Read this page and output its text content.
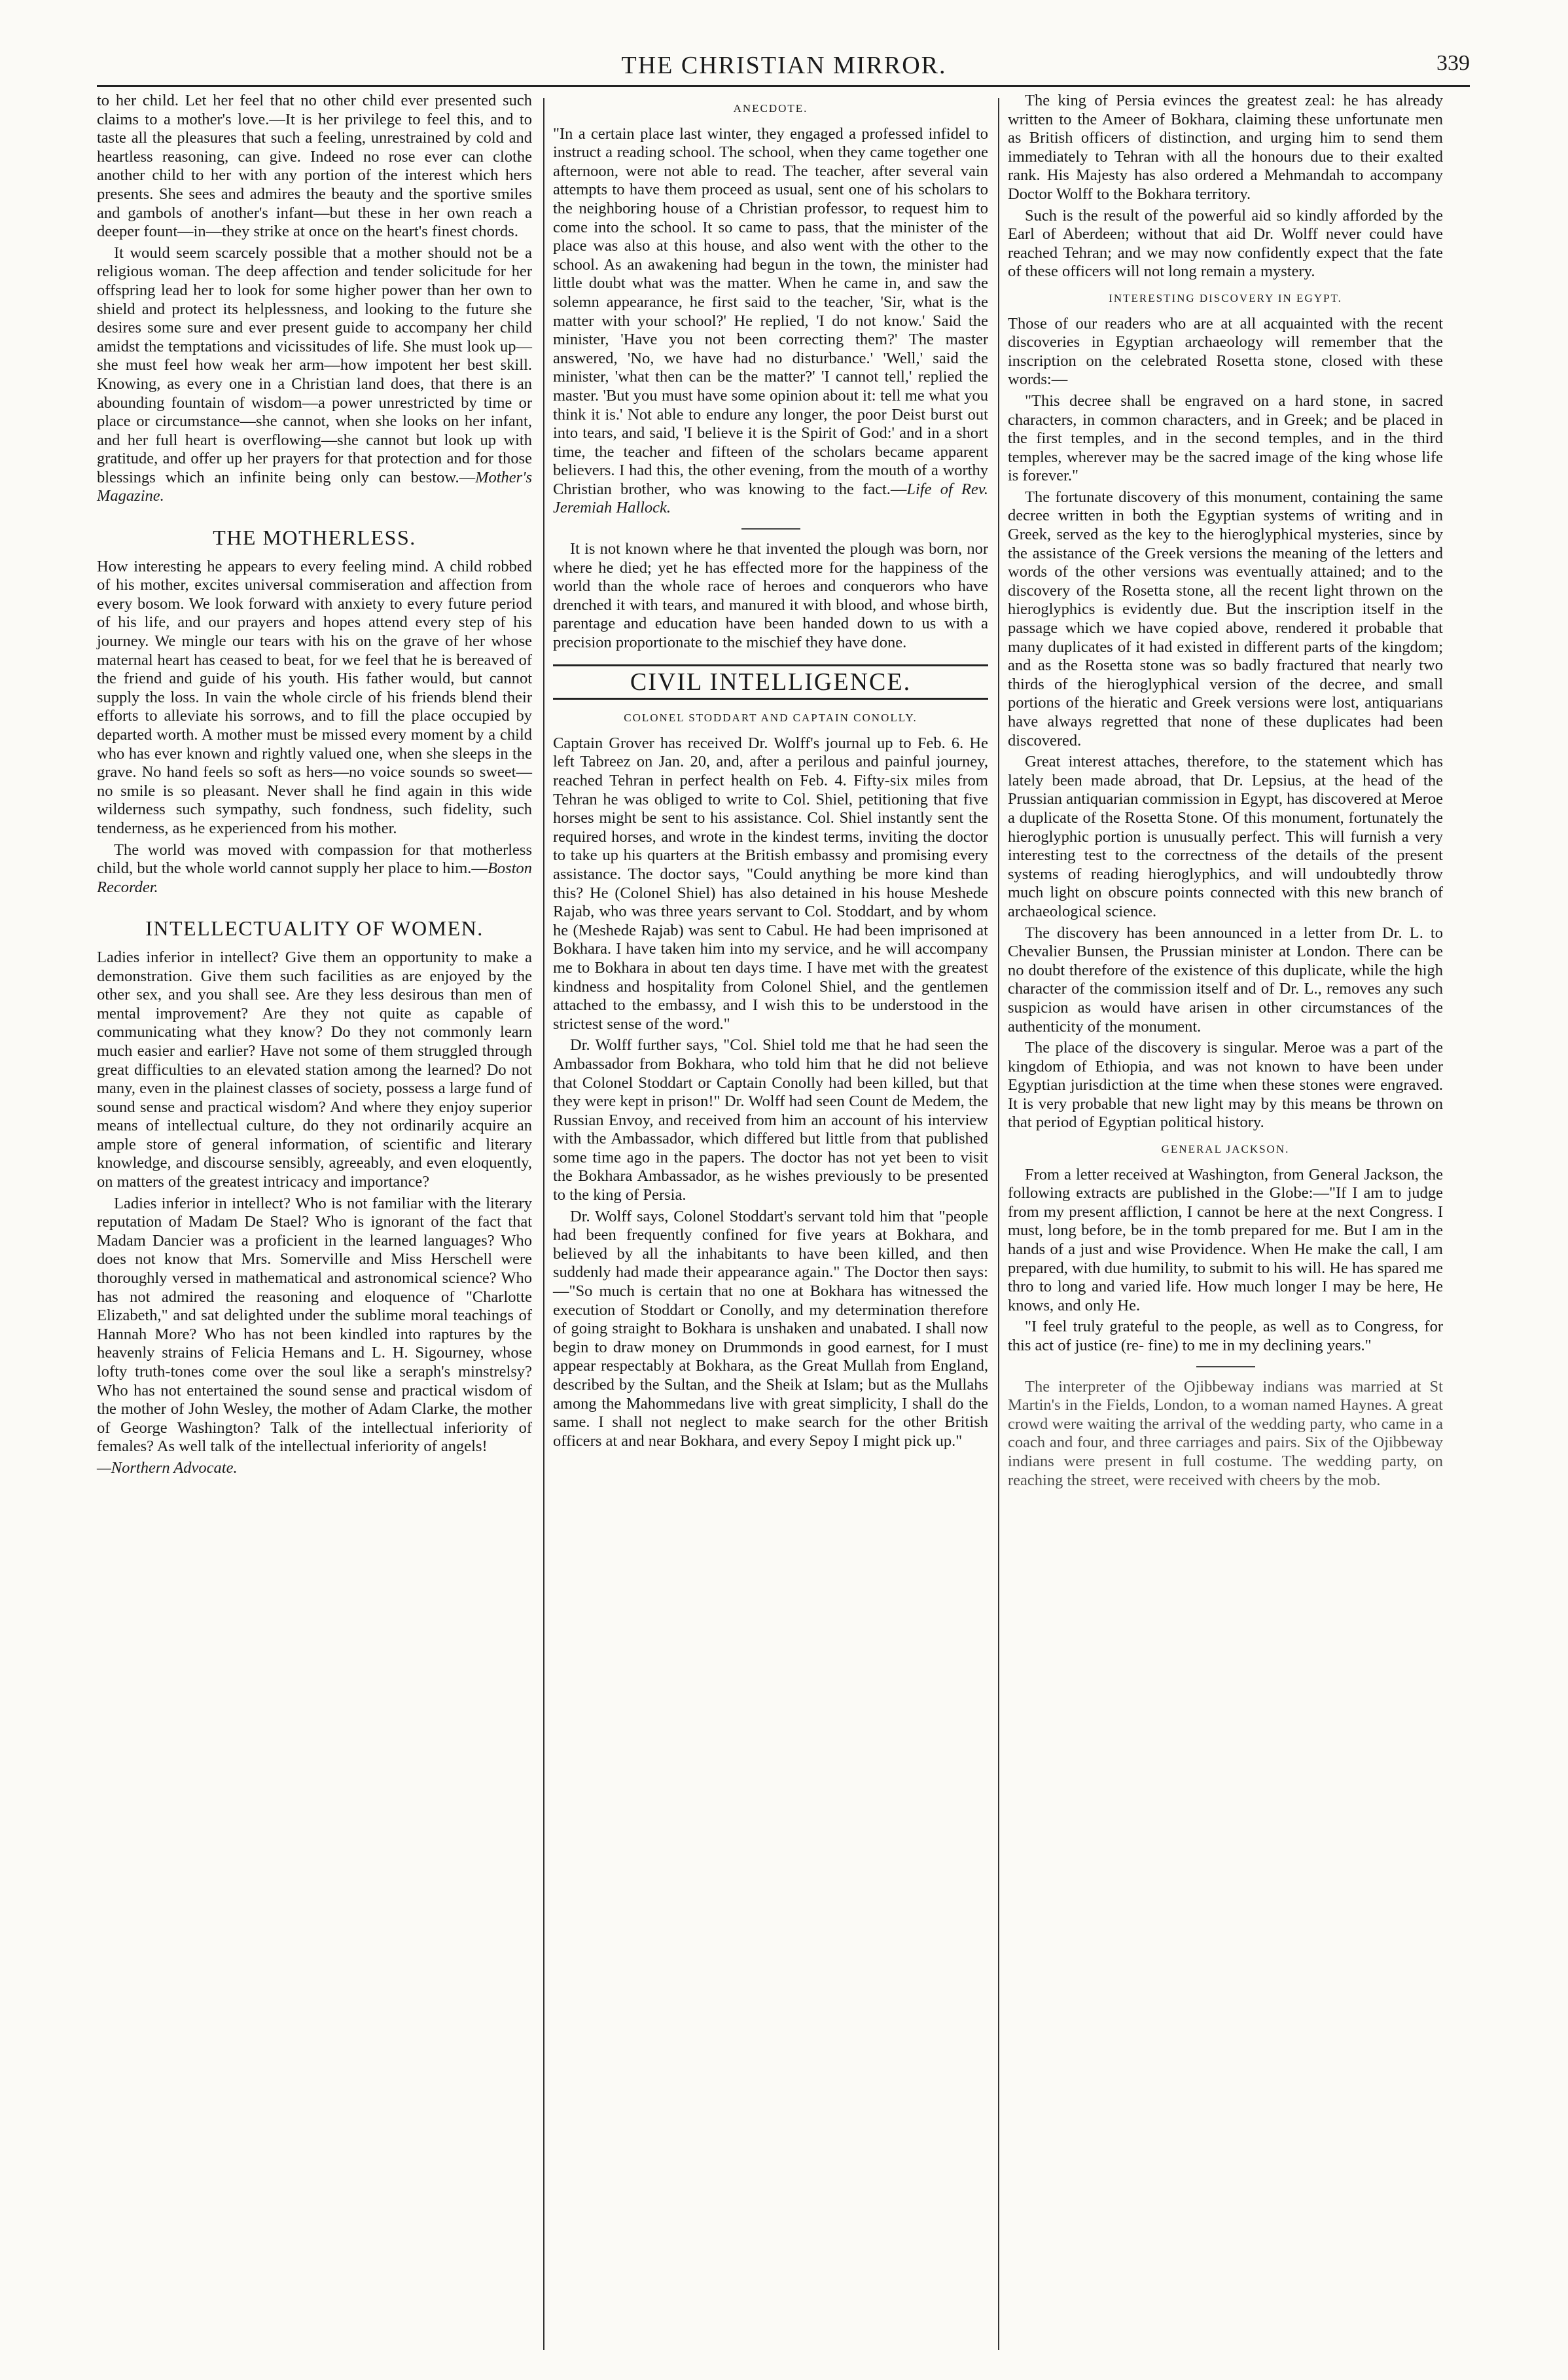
THE CHRISTIAN MIRROR.	339

to her child. Let her feel that no other child ever presented such claims to a mother's love.—It is her privilege to feel this, and to taste all the pleasures that such a feeling, unrestrained by cold and heartless reasoning, can give. Indeed no rose ever can clothe another child to her with any portion of the interest which hers presents. She sees and admires the beauty and the sportive smiles and gambols of another's infant—but these in her own reach a deeper fount—in—they strike at once on the heart's finest chords.

It would seem scarcely possible that a mother should not be a religious woman. The deep affection and tender solicitude for her offspring lead her to look for some higher power than her own to shield and protect its helplessness, and looking to the future she desires some sure and ever present guide to accompany her child amidst the temptations and vicissitudes of life. She must look up—she must feel how weak her arm—how impotent her best skill. Knowing, as every one in a Christian land does, that there is an abounding fountain of wisdom—a power unrestricted by time or place or circumstance—she cannot, when she looks on her infant, and her full heart is overflowing—she cannot but look up with gratitude, and offer up her prayers for that protection and for those blessings which an infinite being only can bestow.—Mother's Magazine.

THE MOTHERLESS.

How interesting he appears to every feeling mind. A child robbed of his mother, excites universal commiseration and affection from every bosom. We look forward with anxiety to every future period of his life, and our prayers and hopes attend every step of his journey. We mingle our tears with his on the grave of her whose maternal heart has ceased to beat, for we feel that he is bereaved of the friend and guide of his youth. His father would, but cannot supply the loss. In vain the whole circle of his friends blend their efforts to alleviate his sorrows, and to fill the place occupied by departed worth. A mother must be missed every moment by a child who has ever known and rightly valued one, when she sleeps in the grave. No hand feels so soft as hers—no voice sounds so sweet—no smile is so pleasant. Never shall he find again in this wide wilderness such sympathy, such fondness, such fidelity, such tenderness, as he experienced from his mother.

The world was moved with compassion for that motherless child, but the whole world cannot supply her place to him.—Boston Recorder.

INTELLECTUALITY OF WOMEN.

Ladies inferior in intellect? Give them an opportunity to make a demonstration. Give them such facilities as are enjoyed by the other sex, and you shall see. Are they less desirous than men of mental improvement? Are they not quite as capable of communicating what they know? Do they not commonly learn much easier and earlier? Have not some of them struggled through great difficulties to an elevated station among the learned? Do not many, even in the plainest classes of society, possess a large fund of sound sense and practical wisdom? And where they enjoy superior means of intellectual culture, do they not ordinarily acquire an ample store of general information, of scientific and literary knowledge, and discourse sensibly, agreeably, and even eloquently, on matters of the greatest intricacy and importance?

Ladies inferior in intellect? Who is not familiar with the literary reputation of Madam De Stael? Who is ignorant of the fact that Madam Dancier was a proficient in the learned languages? Who does not know that Mrs. Somerville and Miss Herschell were thoroughly versed in mathematical and astronomical science? Who has not admired the reasoning and eloquence of "Charlotte Elizabeth," and sat delighted under the sublime moral teachings of Hannah More? Who has not been kindled into raptures by the heavenly strains of Felicia Hemans and L. H. Sigourney, whose lofty truth-tones come over the soul like a seraph's minstrelsy? Who has not entertained the sound sense and practical wisdom of the mother of John Wesley, the mother of Adam Clarke, the mother of George Washington? Talk of the intellectual inferiority of females? As well talk of the intellectual inferiority of angels!

—Northern Advocate.

ANECDOTE.

"In a certain place last winter, they engaged a professed infidel to instruct a reading school. The school, when they came together one afternoon, were not able to read. The teacher, after several vain attempts to have them proceed as usual, sent one of his scholars to the neighboring house of a Christian professor, to request him to come into the school. It so came to pass, that the minister of the place was also at this house, and also went with the other to the school. As an awakening had begun in the town, the minister had little doubt what was the matter. When he came in, and saw the solemn appearance, he first said to the teacher, 'Sir, what is the matter with your school?' He replied, 'I do not know.' Said the minister, 'Have you not been correcting them?' The master answered, 'No, we have had no disturbance.' 'Well,' said the minister, 'what then can be the matter?' 'I cannot tell,' replied the master. 'But you must have some opinion about it: tell me what you think it is.' Not able to endure any longer, the poor Deist burst out into tears, and said, 'I believe it is the Spirit of God:' and in a short time, the teacher and fifteen of the scholars became apparent believers. I had this, the other evening, from the mouth of a worthy Christian brother, who was knowing to the fact.—Life of Rev. Jeremiah Hallock.

It is not known where he that invented the plough was born, nor where he died; yet he has effected more for the happiness of the world than the whole race of heroes and conquerors who have drenched it with tears, and manured it with blood, and whose birth, parentage and education have been handed down to us with a precision proportionate to the mischief they have done.

CIVIL INTELLIGENCE.
COLONEL STODDART AND CAPTAIN CONOLLY.

Captain Grover has received Dr. Wolff's journal up to Feb. 6. He left Tabreez on Jan. 20, and, after a perilous and painful journey, reached Tehran in perfect health on Feb. 4. Fifty-six miles from Tehran he was obliged to write to Col. Shiel, petitioning that five horses might be sent to his assistance. Col. Shiel instantly sent the required horses, and wrote in the kindest terms, inviting the doctor to take up his quarters at the British embassy and promising every assistance. The doctor says, "Could anything be more kind than this? He (Colonel Shiel) has also detained in his house Meshede Rajab, who was three years servant to Col. Stoddart, and by whom he (Meshede Rajab) was sent to Cabul. He had been imprisoned at Bokhara. I have taken him into my service, and he will accompany me to Bokhara in about ten days time. I have met with the greatest kindness and hospitality from Colonel Shiel, and the gentlemen attached to the embassy, and I wish this to be understood in the strictest sense of the word."

Dr. Wolff further says, "Col. Shiel told me that he had seen the Ambassador from Bokhara, who told him that he did not believe that Colonel Stoddart or Captain Conolly had been killed, but that they were kept in prison!" Dr. Wolff had seen Count de Medem, the Russian Envoy, and received from him an account of his interview with the Ambassador, which differed but little from that published some time ago in the papers. The doctor has not yet been to visit the Bokhara Ambassador, as he wishes previously to be presented to the king of Persia.

Dr. Wolff says, Colonel Stoddart's servant told him that "people had been frequently confined for five years at Bokhara, and believed by all the inhabitants to have been killed, and then suddenly had made their appearance again." The Doctor then says:—"So much is certain that no one at Bokhara has witnessed the execution of Stoddart or Conolly, and my determination therefore of going straight to Bokhara is unshaken and unabated. I shall now begin to draw money on Drummonds in good earnest, for I must appear respectably at Bokhara, as the Great Mullah from England, described by the Sultan, and the Sheik at Islam; but as the Mullahs among the Mahommedans live with great simplicity, I shall do the same. I shall not neglect to make search for the other British officers at and near Bokhara, and every Sepoy I might pick up."

The king of Persia evinces the greatest zeal: he has already written to the Ameer of Bokhara, claiming these unfortunate men as British officers of distinction, and urging him to send them immediately to Tehran with all the honours due to their exalted rank. His Majesty has also ordered a Mehmandah to accompany Doctor Wolff to the Bokhara territory.

Such is the result of the powerful aid so kindly afforded by the Earl of Aberdeen; without that aid Dr. Wolff never could have reached Tehran; and we may now confidently expect that the fate of these officers will not long remain a mystery.

INTERESTING DISCOVERY IN EGYPT.

Those of our readers who are at all acquainted with the recent discoveries in Egyptian archaeology will remember that the inscription on the celebrated Rosetta stone, closed with these words:—

"This decree shall be engraved on a hard stone, in sacred characters, in common characters, and in Greek; and be placed in the first temples, and in the second temples, and in the third temples, wherever may be the sacred image of the king whose life is forever."

The fortunate discovery of this monument, containing the same decree written in both the Egyptian systems of writing and in Greek, served as the key to the hieroglyphical mysteries, since by the assistance of the Greek versions the meaning of the letters and words of the other versions was eventually attained; and to the discovery of the Rosetta stone, all the recent light thrown on the hieroglyphics is evidently due. But the inscription itself in the passage which we have copied above, rendered it probable that many duplicates of it had existed in different parts of the kingdom; and as the Rosetta stone was so badly fractured that nearly two thirds of the hieroglyphical version of the decree, and small portions of the hieratic and Greek versions were lost, antiquarians have always regretted that none of these duplicates had been discovered.

Great interest attaches, therefore, to the statement which has lately been made abroad, that Dr. Lepsius, at the head of the Prussian antiquarian commission in Egypt, has discovered at Meroe a duplicate of the Rosetta Stone. Of this monument, fortunately the hieroglyphic portion is unusually perfect. This will furnish a very interesting test to the correctness of the details of the present systems of reading hieroglyphics, and will undoubtedly throw much light on obscure points connected with this new branch of archaeological science.

The discovery has been announced in a letter from Dr. L. to Chevalier Bunsen, the Prussian minister at London. There can be no doubt therefore of the existence of this duplicate, while the high character of the commission itself and of Dr. L., removes any such suspicion as would have arisen in other circumstances of the authenticity of the monument.

The place of the discovery is singular. Meroe was a part of the kingdom of Ethiopia, and was not known to have been under Egyptian jurisdiction at the time when these stones were engraved. It is very probable that new light may by this means be thrown on that period of Egyptian political history.

GENERAL JACKSON.

From a letter received at Washington, from General Jackson, the following extracts are published in the Globe:—"If I am to judge from my present affliction, I cannot be here at the next Congress. I must, long before, be in the tomb prepared for me. But I am in the hands of a just and wise Providence. When He make the call, I am prepared, with due humility, to submit to his will. He has spared me thro to long and varied life. How much longer I may be here, He knows, and only He.

"I feel truly grateful to the people, as well as to Congress, for this act of justice (re- fine) to me in my declining years."

The interpreter of the Ojibbeway indians was married at St Martin's in the Fields, London, to a woman named Haynes. A great crowd were waiting the arrival of the wedding party, who came in a coach and four, and three carriages and pairs. Six of the Ojibbeway indians were present in full costume. The wedding party, on reaching the street, were received with cheers by the mob.
